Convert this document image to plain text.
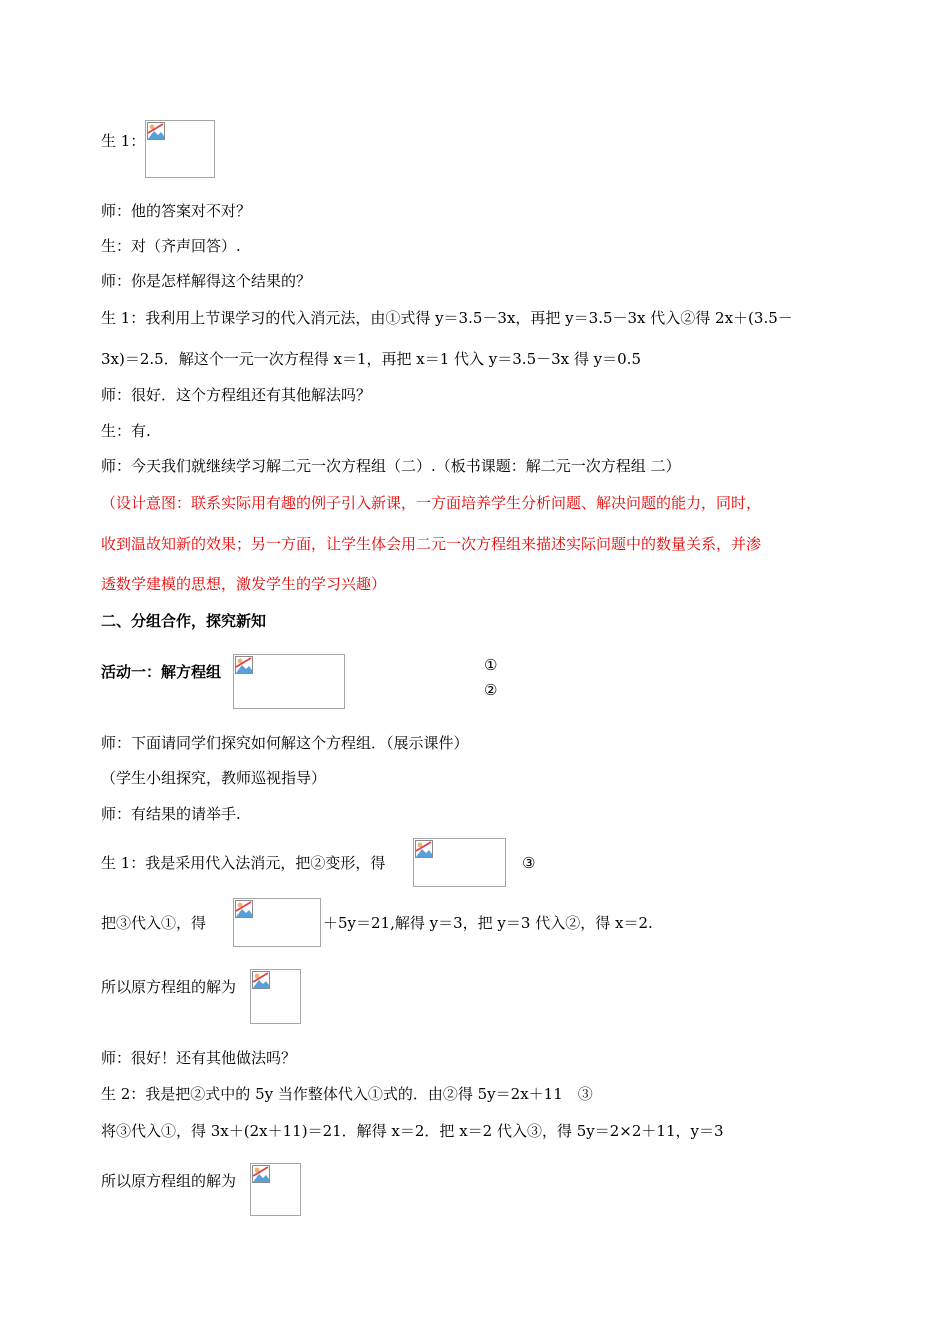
生 1：
师：他的答案对不对？
生：对（齐声回答）.
师：你是怎样解得这个结果的？
生 1：我利用上节课学习的代入消元法，由①式得 y＝3.5－3x，再把 y＝3.5－3x 代入②得 2x＋(3.5－
3x)＝2.5．解这个一元一次方程得 x＝1，再把 x＝1 代入 y＝3.5－3x 得 y＝0.5
师：很好．这个方程组还有其他解法吗？
生：有.
师：今天我们就继续学习解二元一次方程组（二）.（板书课题：解二元一次方程组 二）
（设计意图：联系实际用有趣的例子引入新课，一方面培养学生分析问题、解决问题的能力，同时，
收到温故知新的效果；另一方面，让学生体会用二元一次方程组来描述实际问题中的数量关系，并渗
透数学建模的思想，激发学生的学习兴趣）
二、分组合作，探究新知
活动一：解方程组	①
②
师：下面请同学们探究如何解这个方程组．（展示课件）
（学生小组探究，教师巡视指导）
师：有结果的请举手.
生 1：我是采用代入法消元，把②变形，得	③
把③代入①，得	＋5y＝21,解得 y＝3，把 y＝3 代入②，得 x＝2.
所以原方程组的解为
师：很好！还有其他做法吗？
生 2：我是把②式中的 5y 当作整体代入①式的．由②得 5y＝2x＋11　③
将③代入①，得 3x＋(2x＋11)＝21．解得 x＝2．把 x＝2 代入③，得 5y＝2×2＋11，y＝3
所以原方程组的解为
